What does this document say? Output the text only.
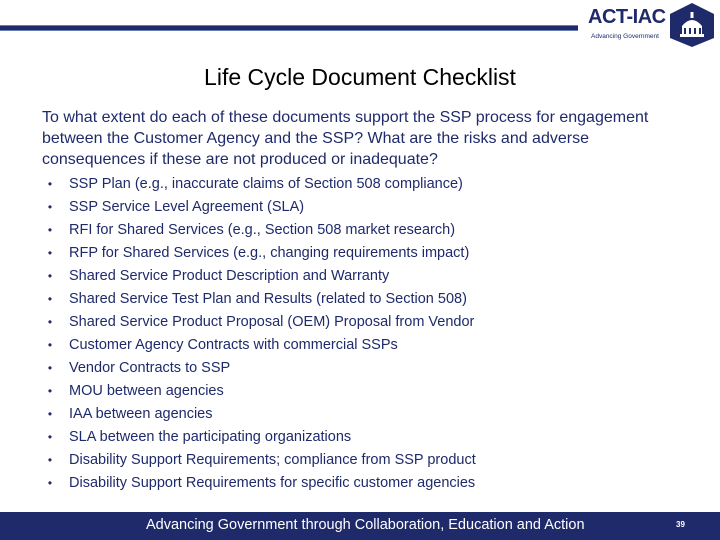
ACT-IAC
Advancing Government
Life Cycle Document Checklist
To what extent do each of these documents support the SSP process for engagement between the Customer Agency and the SSP? What are the risks and adverse consequences if these are not produced or inadequate?
• SSP Plan (e.g., inaccurate claims of Section 508 compliance)
• SSP Service Level Agreement (SLA)
• RFI for Shared Services (e.g., Section 508 market research)
• RFP for Shared Services (e.g., changing requirements impact)
• Shared Service Product Description and Warranty
• Shared Service Test Plan and Results (related to Section 508)
• Shared Service Product Proposal (OEM) Proposal from Vendor
• Customer Agency Contracts with commercial SSPs
• Vendor Contracts to SSP
• MOU between agencies
• IAA between agencies
• SLA between the participating organizations
• Disability Support Requirements; compliance from SSP product
• Disability Support Requirements for specific customer agencies
Advancing Government through Collaboration, Education and Action	39
